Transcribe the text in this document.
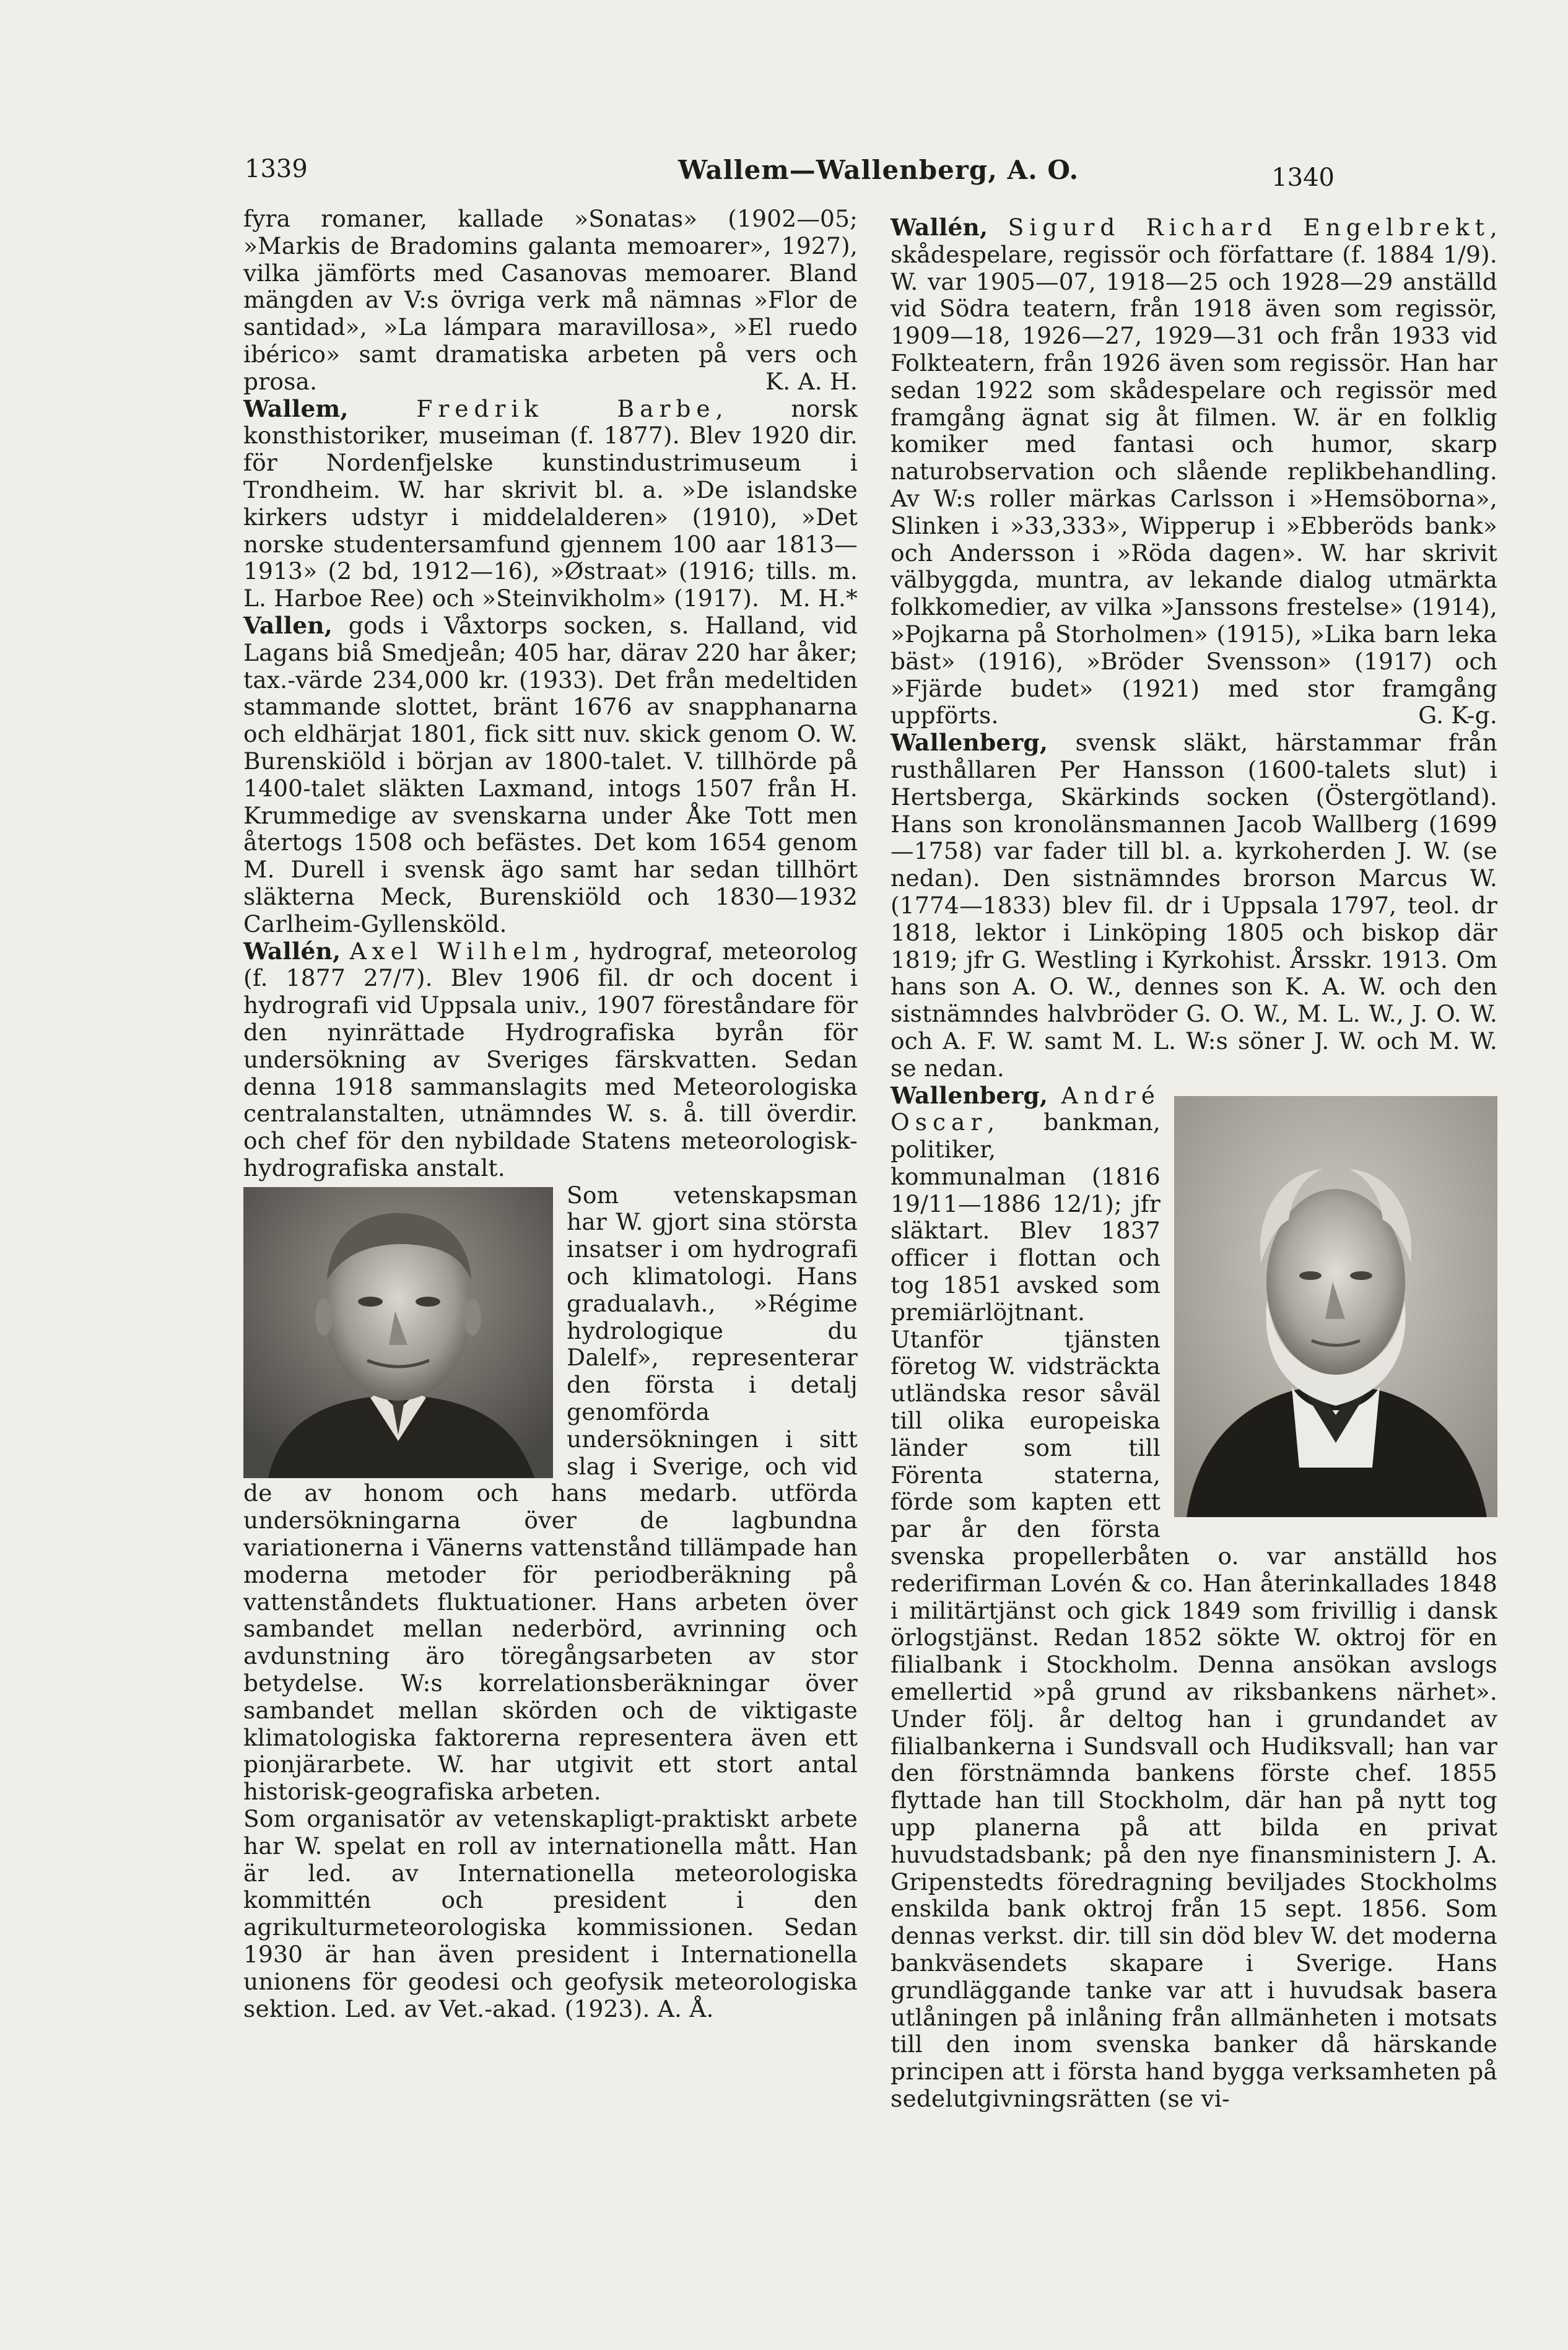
1339	Wallem—Wallenberg, A. O.	1340

fyra romaner, kallade »Sonatas» (1902—05; »Markis de Bradomins galanta memoarer», 1927), vilka jämförts med Casanovas memoarer. Bland mängden av V:s övriga verk må nämnas »Flor de santidad», »La lámpara maravillosa», »El ruedo ibérico» samt dramatiska arbeten på vers och prosa.	K. A. H.

Wallem,	Fredrik Barbe, norsk konsthistoriker, museiman (f. 1877). Blev 1920 dir. för Nordenfjelske kunstindustrimuseum i Trondheim. W. har skrivit bl. a. »De islandske kirkers udstyr i middelalderen» (1910), »Det norske studentersamfund gjennem 100 aar 1813—1913» (2 bd, 1912—16), »Østraat» (1916; tills. m. L. Harboe Ree) och »Steinvikholm» (1917). M. H.*

Vallen, gods i Våxtorps socken, s. Halland, vid Lagans biå Smedjeån; 405 har, därav 220 har åker; tax.-värde 234,000 kr. (1933). Det från medeltiden stammande slottet, bränt 1676 av snapphanarna och eldhärjat 1801, fick sitt nuv. skick genom O. W. Burenskiöld i början av 1800-talet. V. tillhörde på 1400-talet släkten Laxmand, intogs 1507 från H. Krummedige av svenskarna under Åke Tott men återtogs 1508 och befästes. Det kom 1654 genom M. Durell i svensk ägo samt har sedan tillhört släkterna Meck, Burenskiöld och 1830—1932 Carlheim-Gyllensköld.

Wallén, Axel Wilhelm, hydrograf, meteorolog (f. 1877 27/7). Blev 1906 fil. dr och docent i hydrografi vid Uppsala univ., 1907 föreståndare för den nyinrättade Hydrografiska byrån för undersökning av Sveriges färskvatten. Sedan denna 1918 sammanslagits med Meteorologiska centralanstalten, utnämndes W. s. å. till överdir. och chef för den nybildade Statens meteorologisk-hydrografiska anstalt.

Som vetenskapsman har W. gjort sina största insatser i om hydrografi och klimatologi. Hans gradualavh., »Régime hydrologique du Dalelf», representerar den första i detalj genomförda undersökningen i sitt slag i Sverige, och vid de av honom och hans medarb. utförda undersökningarna över de lagbundna variationerna i Vänerns vattenstånd tillämpade han moderna metoder för periodberäkning på vattenståndets fluktuationer. Hans arbeten över sambandet mellan nederbörd, avrinning och avdunstning äro töregångsarbeten av stor betydelse. W:s korrelationsberäkningar över sambandet mellan skörden och de viktigaste klimatologiska faktorerna representera även ett pionjärarbete. W. har utgivit ett stort antal historisk-geografiska arbeten.

Som organisatör av vetenskapligt-praktiskt arbete har W. spelat en roll av internationella mått. Han är led. av Internationella meteorologiska kommittén och president i den agrikulturmeteorologiska kommissionen. Sedan 1930 är han även president i Internationella unionens för geodesi och geofysik meteorologiska sektion. Led. av Vet.-akad. (1923). A. Å.

Wallén, Sigurd Richard Engelbrekt, skådespelare, regissör och författare (f. 1884 1/9). W. var 1905—07, 1918—25 och 1928—29 anställd vid Södra teatern, från 1918 även som regissör, 1909—18, 1926—27, 1929—31 och från 1933 vid Folkteatern, från 1926 även som regissör. Han har sedan 1922 som skådespelare och regissör med framgång ägnat sig åt filmen. W. är en folklig komiker med fantasi och humor, skarp naturobservation och slående replikbehandling. Av W:s roller märkas Carlsson i »Hemsöborna», Slinken i »33,333», Wipperup i »Ebberöds bank» och Andersson i »Röda dagen». W. har skrivit välbyggda, muntra, av lekande dialog utmärkta folkkomedier, av vilka »Janssons frestelse» (1914), »Pojkarna på Storholmen» (1915), »Lika barn leka bäst» (1916), »Bröder Svensson» (1917) och »Fjärde budet» (1921) med stor framgång uppförts.	G. K-g.

Wallenberg, svensk släkt, härstammar från rusthållaren Per Hansson (1600-talets slut) i Hertsberga, Skärkinds socken (Östergötland). Hans son kronolänsmannen Jacob Wallberg (1699—1758) var fader till bl. a. kyrkoherden J. W. (se nedan). Den sistnämndes brorson Marcus W. (1774—1833) blev fil. dr i Uppsala 1797, teol. dr 1818, lektor i Linköping 1805 och biskop där 1819; jfr G. Westling i Kyrkohist. Årsskr. 1913. Om hans son A. O. W., dennes son K. A. W. och den sistnämndes halvbröder G. O. W., M. L. W., J. O. W. och A. F. W. samt M. L. W:s söner J. W. och M. W. se nedan.

Wallenberg, André Oscar, bankman, politiker, kommunalman (1816 19/11—1886 12/1); jfr släktart. Blev 1837 officer i flottan och tog 1851 avsked som premiärlöjtnant. Utanför tjänsten företog W. vidsträckta utländska resor såväl till olika europeiska länder som till Förenta staterna, förde som kapten ett par år den första svenska propellerbåten o. var anställd hos rederifirman Lovén & co. Han återinkallades 1848 i militärtjänst och gick 1849 som frivillig i dansk örlogstjänst. Redan 1852 sökte W. oktroj för en filialbank i Stockholm. Denna ansökan avslogs emellertid »på grund av riksbankens närhet». Under följ. år deltog han i grundandet av filialbankerna i Sundsvall och Hudiksvall; han var den förstnämnda bankens förste chef. 1855 flyttade han till Stockholm, där han på nytt tog upp planerna på att bilda en privat huvudstadsbank; på den nye finansministern J. A. Gripenstedts föredragning beviljades Stockholms enskilda bank oktroj från 15 sept. 1856. Som dennas verkst. dir. till sin död blev W. det moderna bankväsendets skapare i Sverige. Hans grundläggande tanke var att i huvudsak basera utlåningen på inlåning från allmänheten i motsats till den inom svenska banker då härskande principen att i första hand bygga verksamheten på sedelutgivningsrätten (se vi-
